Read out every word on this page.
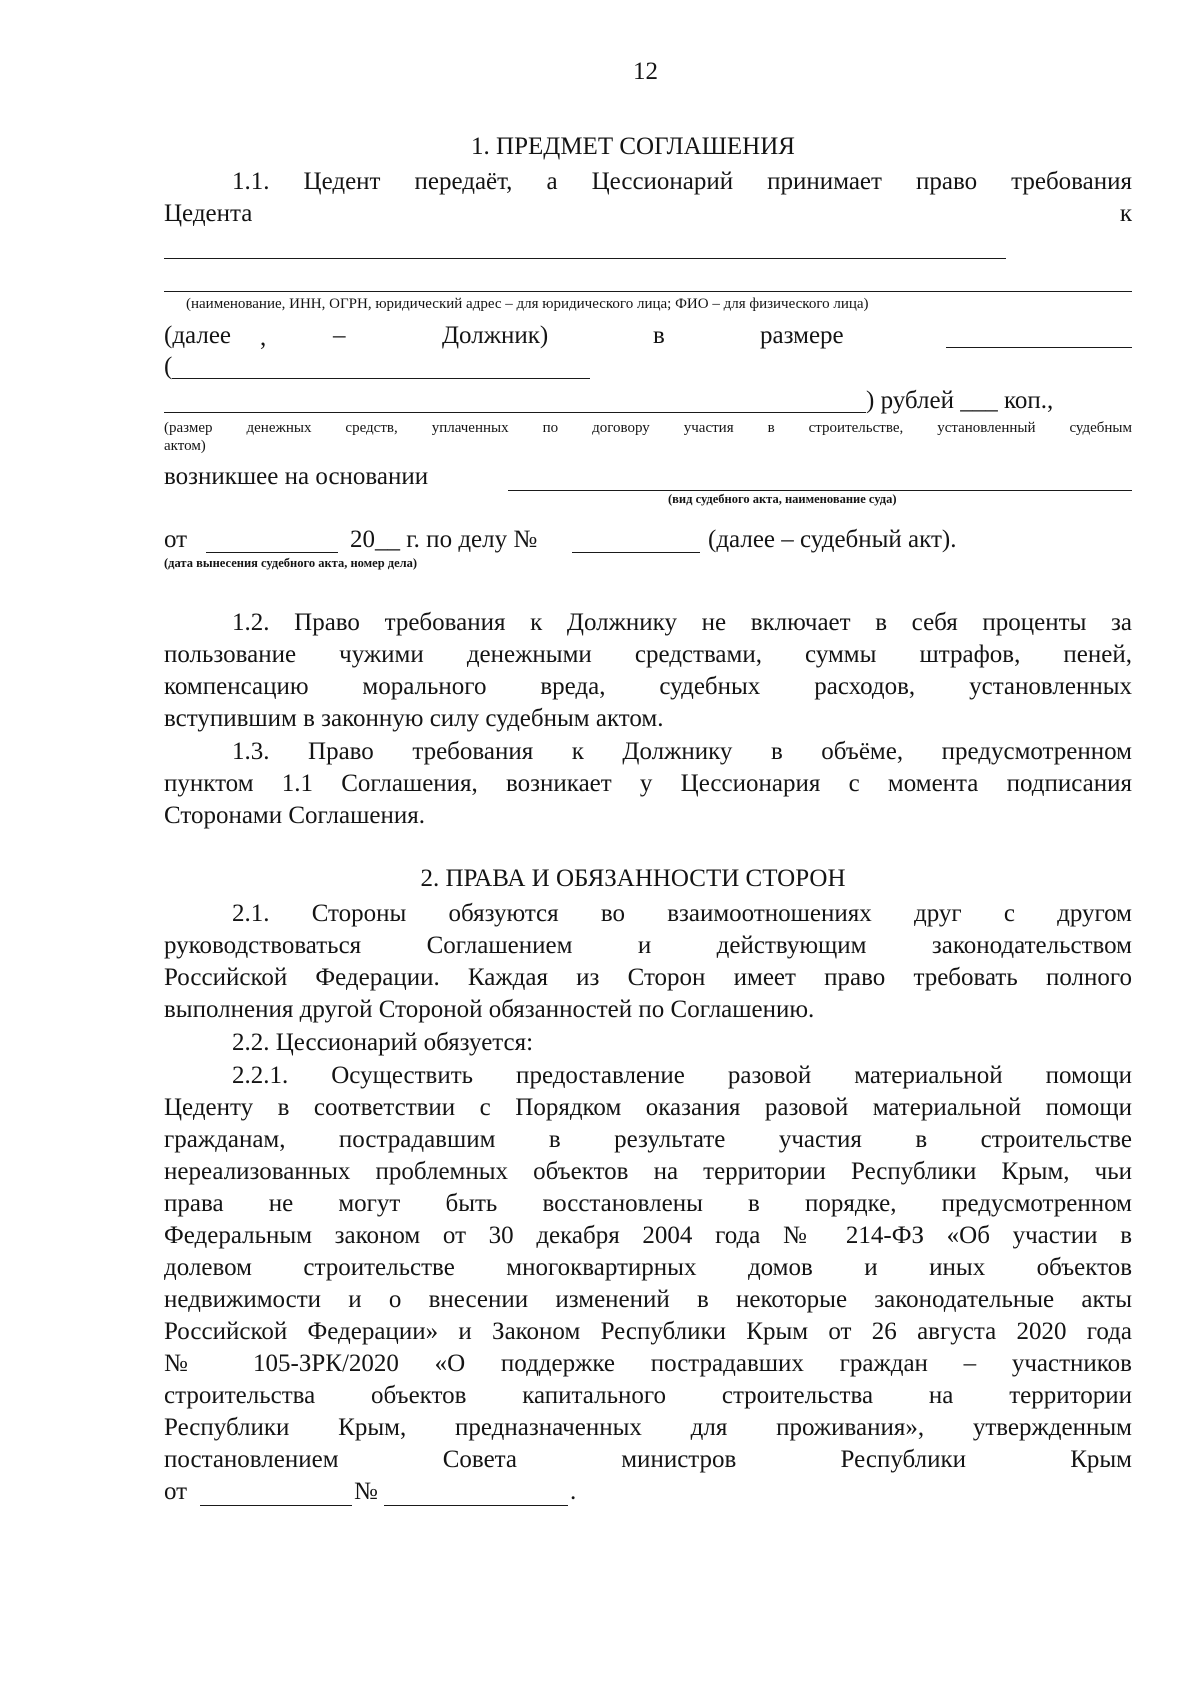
12
1. ПРЕДМЕТ СОГЛАШЕНИЯ
1.1. Цедент передаёт, а Цессионарий принимает право требования
Цедента	к
(наименование, ИНН, ОГРН, юридический адрес – для юридического лица; ФИО – для физического лица)
(далее ,	–	Должник)	в	размере
(
) рублей ___ коп.,
(размер денежных средств, уплаченных по договору участия в строительстве, установленный судебным
актом)
возникшее на основании
(вид судебного акта, наименование суда)
от	20__ г. по делу №	(далее – судебный акт).
(дата вынесения судебного акта, номер дела)
1.2. Право требования к Должнику не включает в себя проценты за
пользование чужими денежными средствами, суммы штрафов, пеней,
компенсацию морального вреда, судебных расходов, установленных
вступившим в законную силу судебным актом.
1.3. Право требования к Должнику в объёме, предусмотренном
пунктом 1.1 Соглашения, возникает у Цессионария с момента подписания
Сторонами Соглашения.
2. ПРАВА И ОБЯЗАННОСТИ СТОРОН
2.1. Стороны обязуются во взаимоотношениях друг с другом
руководствоваться Соглашением и действующим законодательством
Российской Федерации. Каждая из Сторон имеет право требовать полного
выполнения другой Стороной обязанностей по Соглашению.
2.2. Цессионарий обязуется:
2.2.1. Осуществить предоставление разовой материальной помощи
Цеденту в соответствии с Порядком оказания разовой материальной помощи
гражданам, пострадавшим в результате участия в строительстве
нереализованных проблемных объектов на территории Республики Крым, чьи
права не могут быть восстановлены в порядке, предусмотренном
Федеральным законом от 30 декабря 2004 года № 214-ФЗ «Об участии в
долевом строительстве многоквартирных домов и иных объектов
недвижимости и о внесении изменений в некоторые законодательные акты
Российской Федерации» и Законом Республики Крым от 26 августа 2020 года
№ 105-ЗРК/2020 «О поддержке пострадавших граждан – участников
строительства объектов капитального строительства на территории
Республики Крым, предназначенных для проживания», утвержденным
постановлением Совета министров Республики Крым
от	№	.
